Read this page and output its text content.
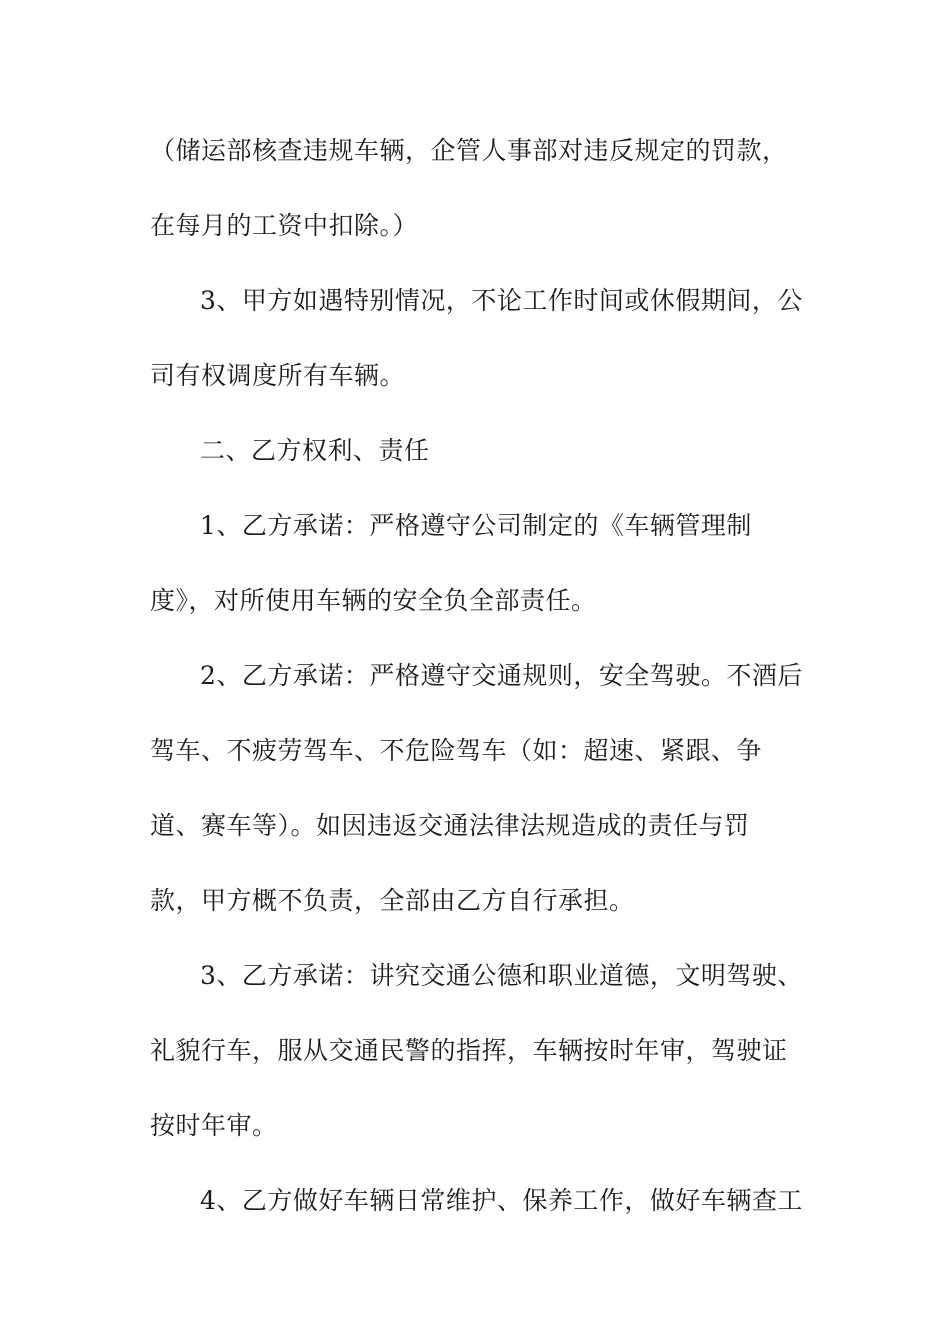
（储运部核查违规车辆，企管人事部对违反规定的罚款，
在每月的工资中扣除。）
3、甲方如遇特别情况，不论工作时间或休假期间，公
司有权调度所有车辆。
二、乙方权利、责任
1、乙方承诺：严格遵守公司制定的《车辆管理制
度》，对所使用车辆的安全负全部责任。
2、乙方承诺：严格遵守交通规则，安全驾驶。不酒后
驾车、不疲劳驾车、不危险驾车（如：超速、紧跟、争
道、赛车等）。如因违返交通法律法规造成的责任与罚
款，甲方概不负责，全部由乙方自行承担。
3、乙方承诺：讲究交通公德和职业道德，文明驾驶、
礼貌行车，服从交通民警的指挥，车辆按时年审，驾驶证
按时年审。
4、乙方做好车辆日常维护、保养工作，做好车辆查工
